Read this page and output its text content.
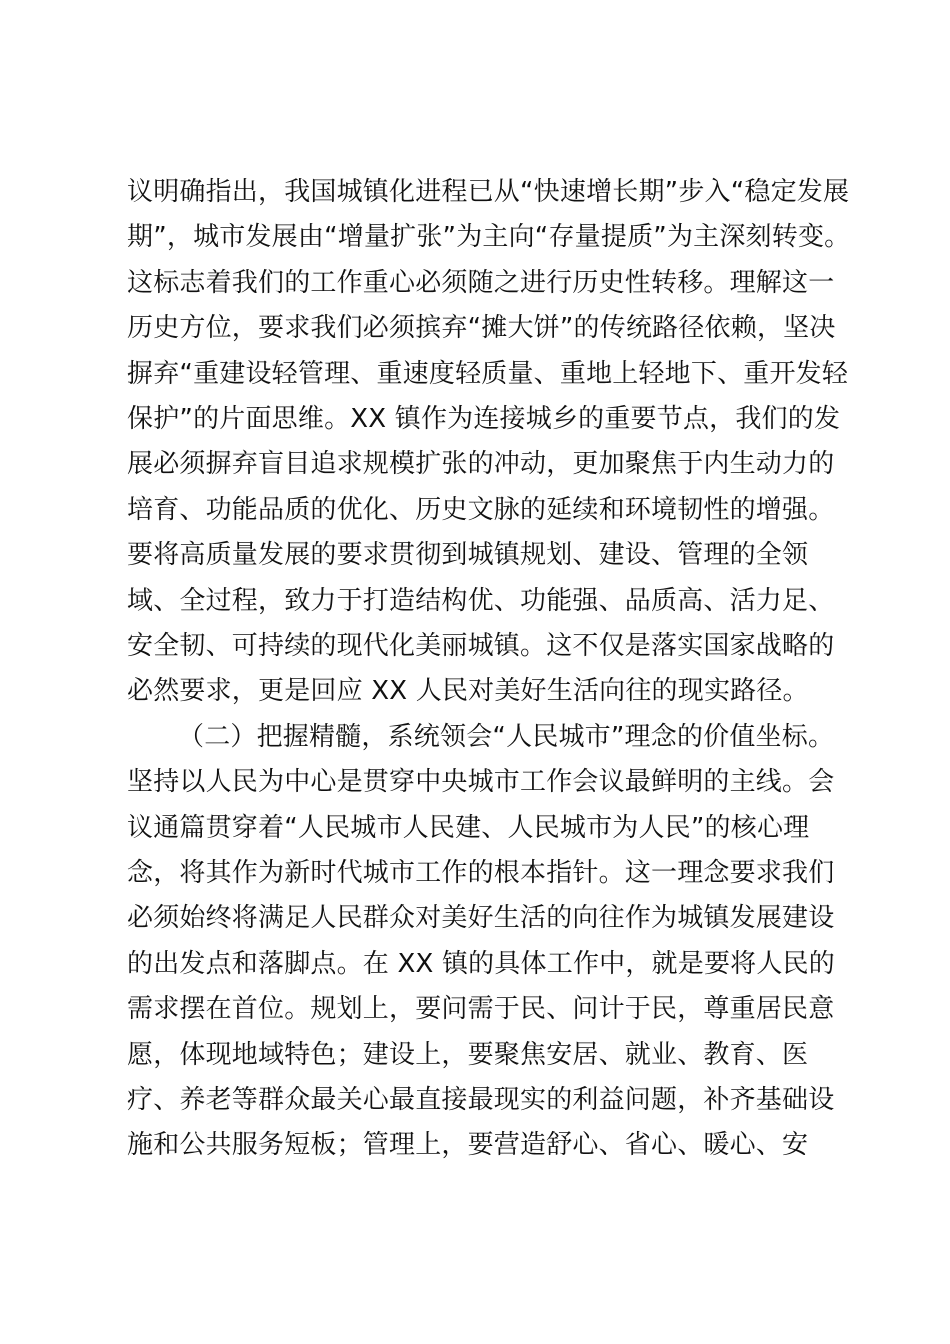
议明确指出，我国城镇化进程已从“快速增长期”步入“稳定发展
期”，城市发展由“增量扩张”为主向“存量提质”为主深刻转变。
这标志着我们的工作重心必须随之进行历史性转移。理解这一
历史方位，要求我们必须摈弃“摊大饼”的传统路径依赖，坚决
摒弃“重建设轻管理、重速度轻质量、重地上轻地下、重开发轻
保护”的片面思维。XX 镇作为连接城乡的重要节点，我们的发
展必须摒弃盲目追求规模扩张的冲动，更加聚焦于内生动力的
培育、功能品质的优化、历史文脉的延续和环境韧性的增强。
要将高质量发展的要求贯彻到城镇规划、建设、管理的全领
域、全过程，致力于打造结构优、功能强、品质高、活力足、
安全韧、可持续的现代化美丽城镇。这不仅是落实国家战略的
必然要求，更是回应 XX 人民对美好生活向往的现实路径。
（二）把握精髓，系统领会“人民城市”理念的价值坐标。
坚持以人民为中心是贯穿中央城市工作会议最鲜明的主线。会
议通篇贯穿着“人民城市人民建、人民城市为人民”的核心理
念，将其作为新时代城市工作的根本指针。这一理念要求我们
必须始终将满足人民群众对美好生活的向往作为城镇发展建设
的出发点和落脚点。在 XX 镇的具体工作中，就是要将人民的
需求摆在首位。规划上，要问需于民、问计于民，尊重居民意
愿，体现地域特色；建设上，要聚焦安居、就业、教育、医
疗、养老等群众最关心最直接最现实的利益问题，补齐基础设
施和公共服务短板；管理上，要营造舒心、省心、暖心、安
